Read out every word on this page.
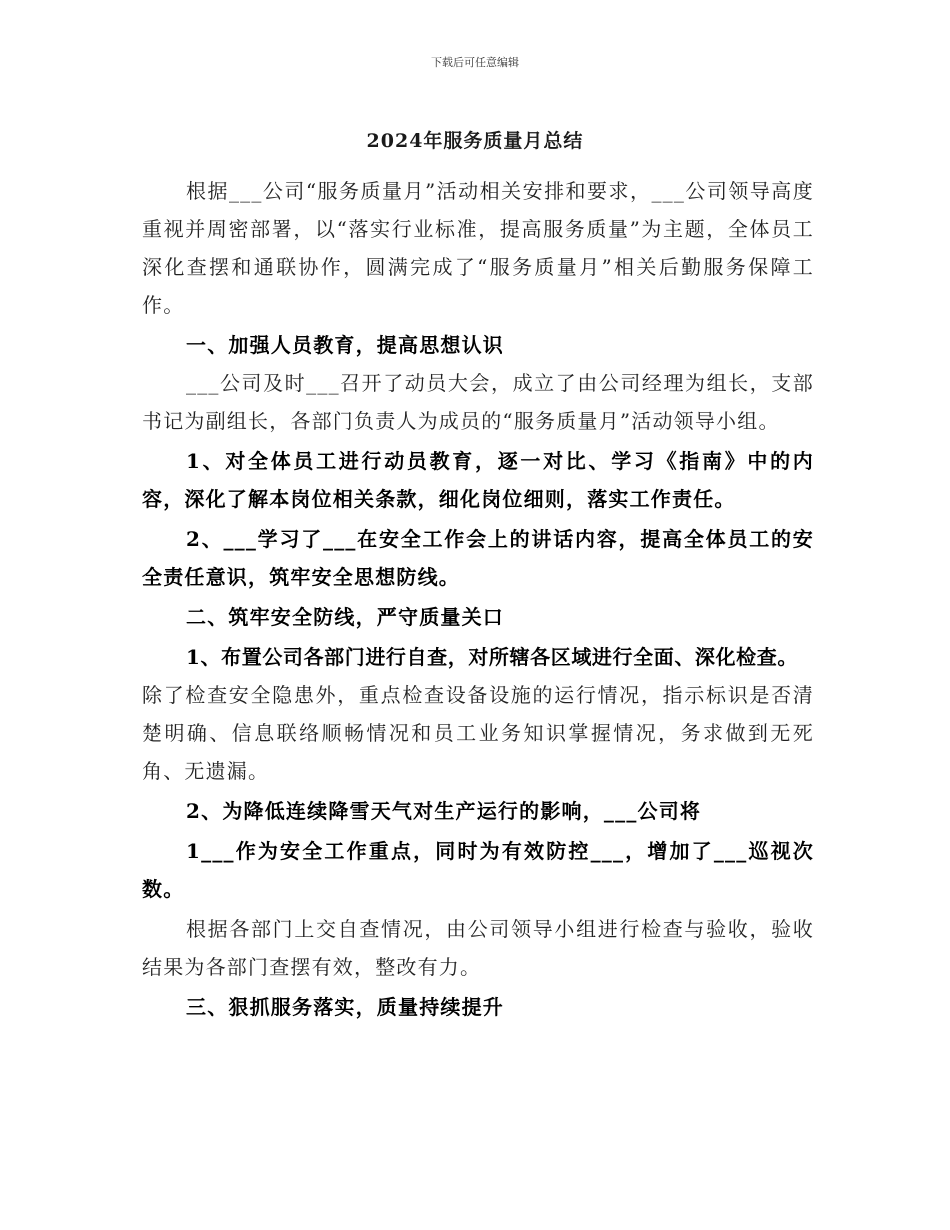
下载后可任意编辑
2024年服务质量月总结

根据___公司“服务质量月”活动相关安排和要求，___公司领导高度重视并周密部署，以“落实行业标准，提高服务质量”为主题，全体员工深化查摆和通联协作，圆满完成了“服务质量月”相关后勤服务保障工作。

一、加强人员教育，提高思想认识

___公司及时___召开了动员大会，成立了由公司经理为组长，支部书记为副组长，各部门负责人为成员的“服务质量月”活动领导小组。

1、对全体员工进行动员教育，逐一对比、学习《指南》中的内容，深化了解本岗位相关条款，细化岗位细则，落实工作责任。

2、___学习了___在安全工作会上的讲话内容，提高全体员工的安全责任意识，筑牢安全思想防线。

二、筑牢安全防线，严守质量关口

1、布置公司各部门进行自查，对所辖各区域进行全面、深化检查。

除了检查安全隐患外，重点检查设备设施的运行情况，指示标识是否清楚明确、信息联络顺畅情况和员工业务知识掌握情况，务求做到无死角、无遗漏。

2、为降低连续降雪天气对生产运行的影响，___公司将

1___作为安全工作重点，同时为有效防控___，增加了___巡视次数。

根据各部门上交自查情况，由公司领导小组进行检查与验收，验收结果为各部门查摆有效，整改有力。

三、狠抓服务落实，质量持续提升
